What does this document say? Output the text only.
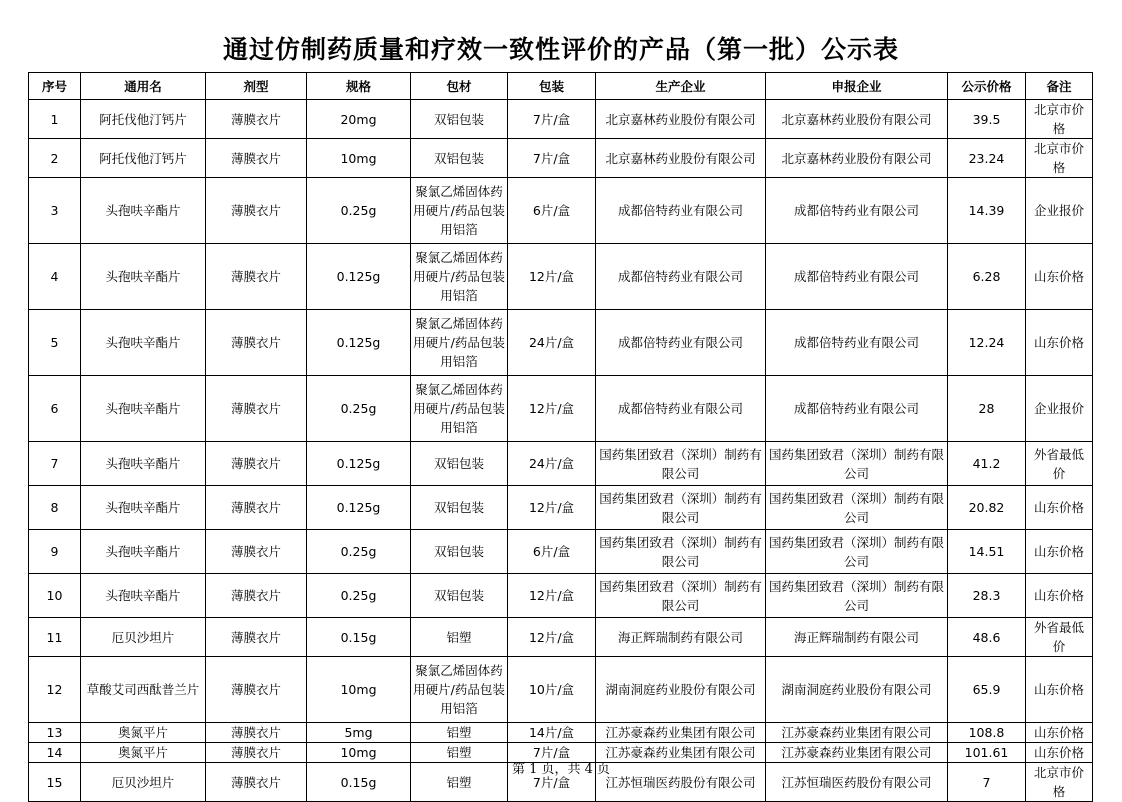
通过仿制药质量和疗效一致性评价的产品（第一批）公示表
序号	通用名	剂型	规格	包材	包装	生产企业	申报企业	公示价格	备注
1	阿托伐他汀钙片	薄膜衣片	20mg	双铝包装	7片/盒	北京嘉林药业股份有限公司	北京嘉林药业股份有限公司	39.5	北京市价格
2	阿托伐他汀钙片	薄膜衣片	10mg	双铝包装	7片/盒	北京嘉林药业股份有限公司	北京嘉林药业股份有限公司	23.24	北京市价格
3	头孢呋辛酯片	薄膜衣片	0.25g	聚氯乙烯固体药用硬片/药品包装用铝箔	6片/盒	成都倍特药业有限公司	成都倍特药业有限公司	14.39	企业报价
4	头孢呋辛酯片	薄膜衣片	0.125g	聚氯乙烯固体药用硬片/药品包装用铝箔	12片/盒	成都倍特药业有限公司	成都倍特药业有限公司	6.28	山东价格
5	头孢呋辛酯片	薄膜衣片	0.125g	聚氯乙烯固体药用硬片/药品包装用铝箔	24片/盒	成都倍特药业有限公司	成都倍特药业有限公司	12.24	山东价格
6	头孢呋辛酯片	薄膜衣片	0.25g	聚氯乙烯固体药用硬片/药品包装用铝箔	12片/盒	成都倍特药业有限公司	成都倍特药业有限公司	28	企业报价
7	头孢呋辛酯片	薄膜衣片	0.125g	双铝包装	24片/盒	国药集团致君（深圳）制药有限公司	国药集团致君（深圳）制药有限公司	41.2	外省最低价
8	头孢呋辛酯片	薄膜衣片	0.125g	双铝包装	12片/盒	国药集团致君（深圳）制药有限公司	国药集团致君（深圳）制药有限公司	20.82	山东价格
9	头孢呋辛酯片	薄膜衣片	0.25g	双铝包装	6片/盒	国药集团致君（深圳）制药有限公司	国药集团致君（深圳）制药有限公司	14.51	山东价格
10	头孢呋辛酯片	薄膜衣片	0.25g	双铝包装	12片/盒	国药集团致君（深圳）制药有限公司	国药集团致君（深圳）制药有限公司	28.3	山东价格
11	厄贝沙坦片	薄膜衣片	0.15g	铝塑	12片/盒	海正辉瑞制药有限公司	海正辉瑞制药有限公司	48.6	外省最低价
12	草酸艾司西酞普兰片	薄膜衣片	10mg	聚氯乙烯固体药用硬片/药品包装用铝箔	10片/盒	湖南洞庭药业股份有限公司	湖南洞庭药业股份有限公司	65.9	山东价格
13	奥氮平片	薄膜衣片	5mg	铝塑	14片/盒	江苏豪森药业集团有限公司	江苏豪森药业集团有限公司	108.8	山东价格
14	奥氮平片	薄膜衣片	10mg	铝塑	7片/盒	江苏豪森药业集团有限公司	江苏豪森药业集团有限公司	101.61	山东价格
15	厄贝沙坦片	薄膜衣片	0.15g	铝塑	7片/盒	江苏恒瑞医药股份有限公司	江苏恒瑞医药股份有限公司	7	北京市价格
第 1 页，共 4 页
